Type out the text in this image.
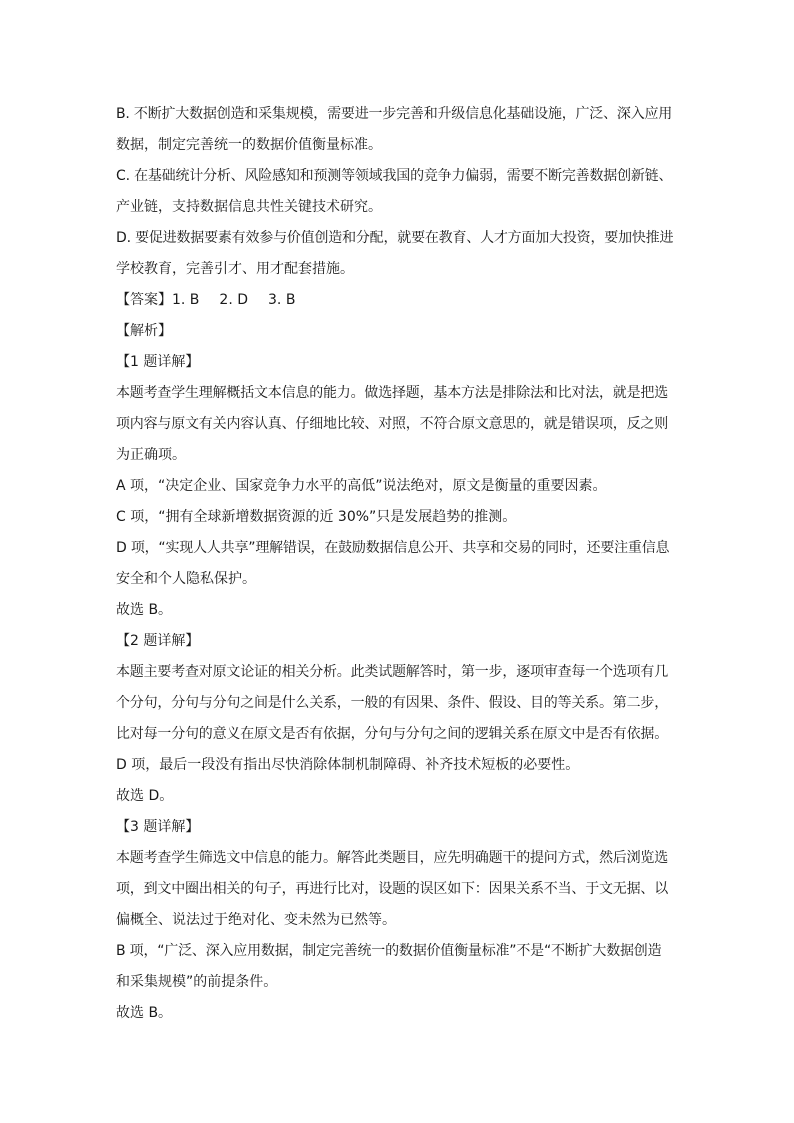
B. 不断扩大数据创造和采集规模，需要进一步完善和升级信息化基础设施，广泛、深入应用
数据，制定完善统一的数据价值衡量标准。
C. 在基础统计分析、风险感知和预测等领域我国的竞争力偏弱，需要不断完善数据创新链、
产业链，支持数据信息共性关键技术研究。
D. 要促进数据要素有效参与价值创造和分配，就要在教育、人才方面加大投资，要加快推进
学校教育，完善引才、用才配套措施。
【答案】1. B 2. D 3. B
【解析】
【1 题详解】
本题考查学生理解概括文本信息的能力。做选择题，基本方法是排除法和比对法，就是把选
项内容与原文有关内容认真、仔细地比较、对照，不符合原文意思的，就是错误项，反之则
为正确项。
A 项，“决定企业、国家竞争力水平的高低”说法绝对，原文是衡量的重要因素。
C 项，“拥有全球新增数据资源的近 30%”只是发展趋势的推测。
D 项，“实现人人共享”理解错误，在鼓励数据信息公开、共享和交易的同时，还要注重信息
安全和个人隐私保护。
故选 B。
【2 题详解】
本题主要考查对原文论证的相关分析。此类试题解答时，第一步，逐项审查每一个选项有几
个分句，分句与分句之间是什么关系，一般的有因果、条件、假设、目的等关系。第二步，
比对每一分句的意义在原文是否有依据，分句与分句之间的逻辑关系在原文中是否有依据。
D 项，最后一段没有指出尽快消除体制机制障碍、补齐技术短板的必要性。
故选 D。
【3 题详解】
本题考查学生筛选文中信息的能力。解答此类题目，应先明确题干的提问方式，然后浏览选
项，到文中圈出相关的句子，再进行比对，设题的误区如下：因果关系不当、于文无据、以
偏概全、说法过于绝对化、变未然为已然等。
B 项，“广泛、深入应用数据，制定完善统一的数据价值衡量标准”不是“不断扩大数据创造
和采集规模”的前提条件。
故选 B。
